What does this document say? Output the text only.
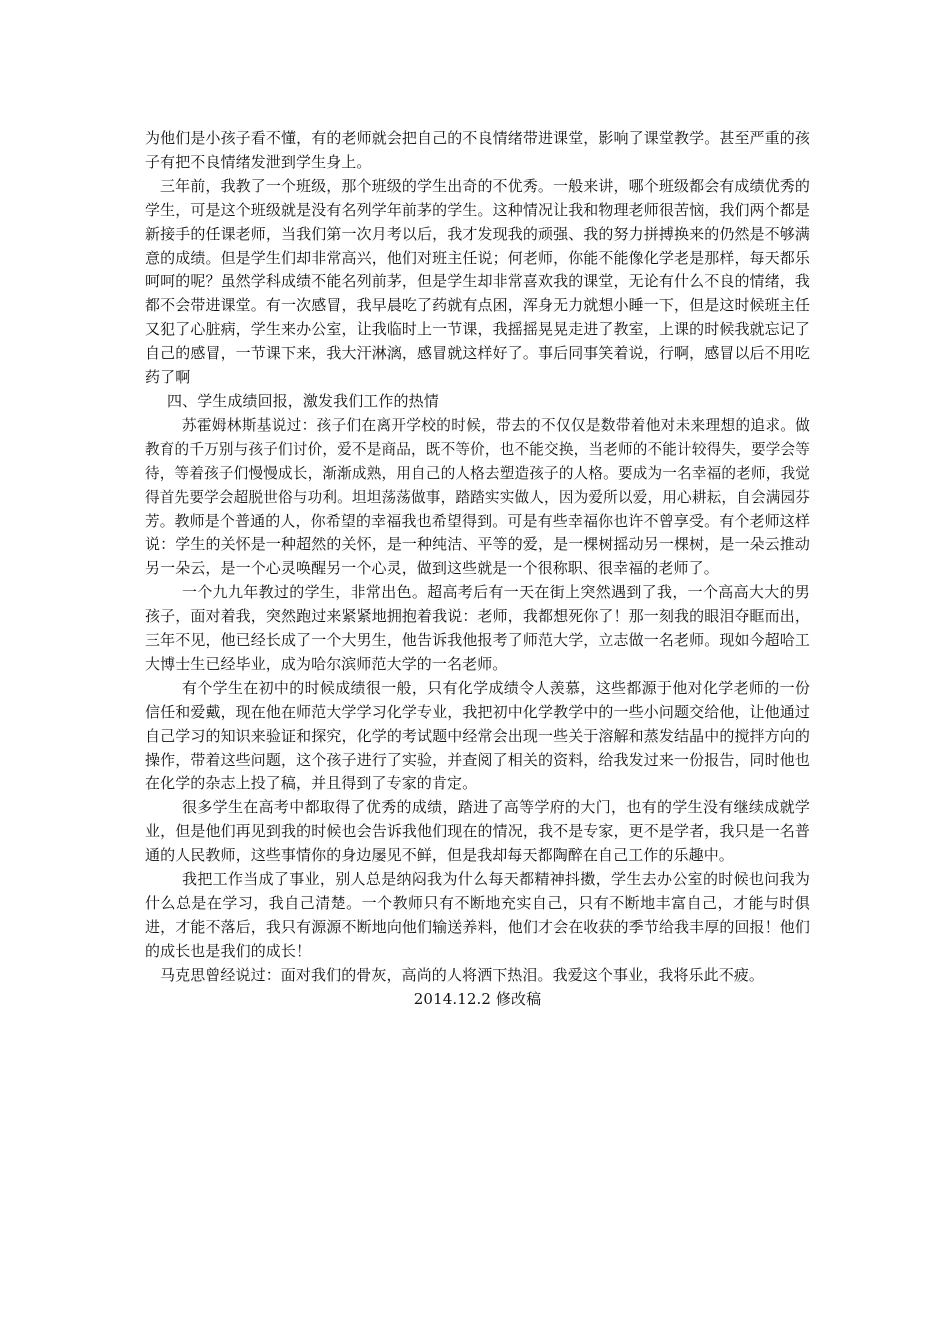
为他们是小孩子看不懂，有的老师就会把自己的不良情绪带进课堂，影响了课堂教学。甚至严重的孩子有把不良情绪发泄到学生身上。

三年前，我教了一个班级，那个班级的学生出奇的不优秀。一般来讲，哪个班级都会有成绩优秀的学生，可是这个班级就是没有名列学年前茅的学生。这种情况让我和物理老师很苦恼，我们两个都是新接手的任课老师，当我们第一次月考以后，我才发现我的顽强、我的努力拼搏换来的仍然是不够满意的成绩。但是学生们却非常高兴，他们对班主任说；何老师，你能不能像化学老是那样，每天都乐呵呵的呢？虽然学科成绩不能名列前茅，但是学生却非常喜欢我的课堂，无论有什么不良的情绪，我都不会带进课堂。有一次感冒，我早晨吃了药就有点困，浑身无力就想小睡一下，但是这时候班主任又犯了心脏病，学生来办公室，让我临时上一节课，我摇摇晃晃走进了教室，上课的时候我就忘记了自己的感冒，一节课下来，我大汗淋漓，感冒就这样好了。事后同事笑着说，行啊，感冒以后不用吃药了啊

四、学生成绩回报，激发我们工作的热情

苏霍姆林斯基说过：孩子们在离开学校的时候，带去的不仅仅是数带着他对未来理想的追求。做教育的千万别与孩子们讨价，爱不是商品，既不等价，也不能交换，当老师的不能计较得失，要学会等待，等着孩子们慢慢成长，渐渐成熟，用自己的人格去塑造孩子的人格。要成为一名幸福的老师，我觉得首先要学会超脱世俗与功利。坦坦荡荡做事，踏踏实实做人，因为爱所以爱，用心耕耘，自会满园芬芳。教师是个普通的人，你希望的幸福我也希望得到。可是有些幸福你也许不曾享受。有个老师这样说：学生的关怀是一种超然的关怀，是一种纯洁、平等的爱，是一棵树摇动另一棵树，是一朵云推动另一朵云，是一个心灵唤醒另一个心灵，做到这些就是一个很称职、很幸福的老师了。

一个九九年教过的学生，非常出色。超高考后有一天在街上突然遇到了我，一个高高大大的男孩子，面对着我，突然跑过来紧紧地拥抱着我说：老师，我都想死你了！那一刻我的眼泪夺眶而出，三年不见，他已经长成了一个大男生，他告诉我他报考了师范大学，立志做一名老师。现如今超哈工大博士生已经毕业，成为哈尔滨师范大学的一名老师。

有个学生在初中的时候成绩很一般，只有化学成绩令人羡慕，这些都源于他对化学老师的一份信任和爱戴，现在他在师范大学学习化学专业，我把初中化学教学中的一些小问题交给他，让他通过自己学习的知识来验证和探究，化学的考试题中经常会出现一些关于溶解和蒸发结晶中的搅拌方向的操作，带着这些问题，这个孩子进行了实验，并查阅了相关的资料，给我发过来一份报告，同时他也在化学的杂志上投了稿，并且得到了专家的肯定。

很多学生在高考中都取得了优秀的成绩，踏进了高等学府的大门，也有的学生没有继续成就学业，但是他们再见到我的时候也会告诉我他们现在的情况，我不是专家，更不是学者，我只是一名普通的人民教师，这些事情你的身边屡见不鲜，但是我却每天都陶醉在自己工作的乐趣中。

我把工作当成了事业，别人总是纳闷我为什么每天都精神抖擞，学生去办公室的时候也问我为什么总是在学习，我自己清楚。一个教师只有不断地充实自己，只有不断地丰富自己，才能与时俱进，才能不落后，我只有源源不断地向他们输送养料，他们才会在收获的季节给我丰厚的回报！他们的成长也是我们的成长！

马克思曾经说过：面对我们的骨灰，高尚的人将洒下热泪。我爱这个事业，我将乐此不疲。

2014.12.2 修改稿
